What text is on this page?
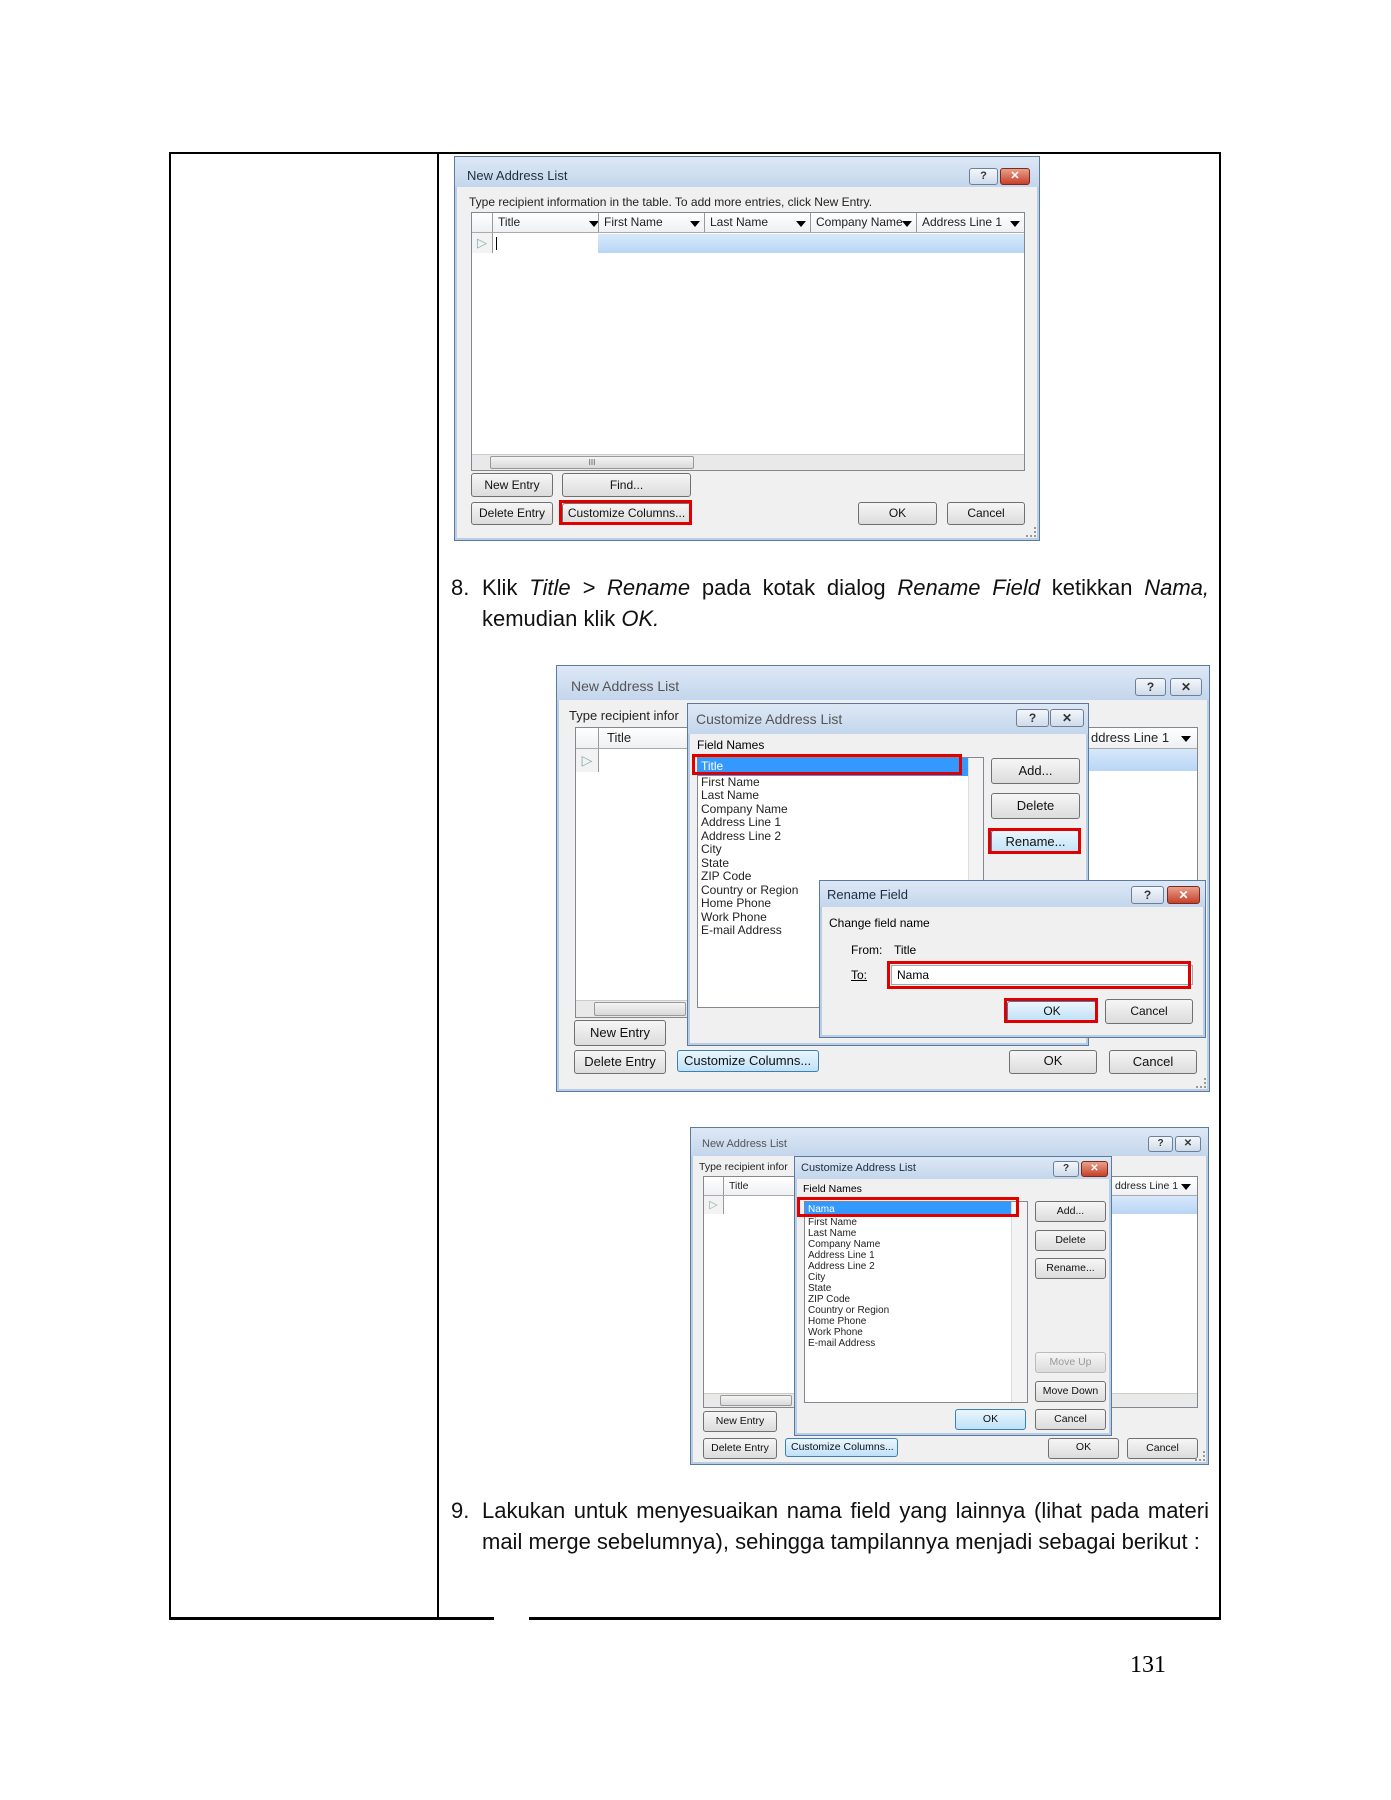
New Address List	?	✕
Type recipient information in the table. To add more entries, click New Entry.
Title	First Name	Last Name	Company Name	Address Line 1
▷
III
New Entry	Find...
Delete Entry	Customize Columns...	OK	Cancel
8. Klik Title > Rename pada kotak dialog Rename Field ketikkan Nama, kemudian klik OK.
New Address List	?	✕
Type recipient infor
Title	ddress Line 1
▷
Delete Entry
New Entry
Customize Columns...	OK	Cancel
Customize Address List	?	✕
Field Names
Title
First Name
Last Name
Company Name
Address Line 1
Address Line 2
City
State
ZIP Code
Country or Region
Home Phone
Work Phone
E-mail Address
Add...
Delete
Rename...
Rename Field	?	✕
Change field name
From: Title
To:	Nama
OK	Cancel
New Address List	?	✕
Type recipient infor
Title	ddress Line 1
▷
New Entry
Delete Entry	Customize Columns...	OK	Cancel
Customize Address List	?	✕
Field Names
Nama
First Name
Last Name
Company Name
Address Line 1
Address Line 2
City
State
ZIP Code
Country or Region
Home Phone
Work Phone
E-mail Address
Add...
Delete
Rename...
Move Up
Move Down
OK	Cancel
9. Lakukan untuk menyesuaikan nama field yang lainnya (lihat pada materi mail merge sebelumnya), sehingga tampilannya menjadi sebagai berikut :
131
